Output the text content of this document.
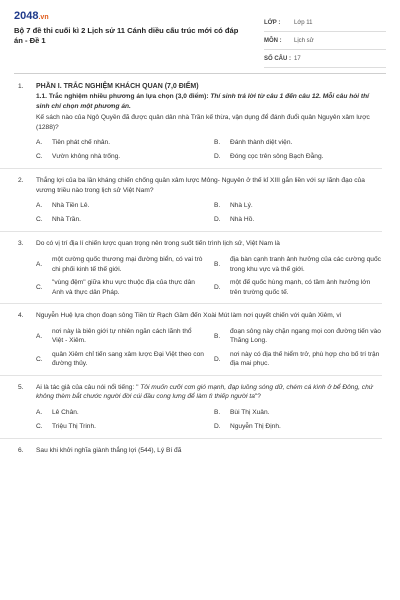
2048.vn
Bộ 7 đề thi cuối kì 2 Lịch sử 11 Cánh diều cấu trúc mới có đáp án - Đề 1
LỚP :	Lớp 11
MÔN :	Lịch sử
SỐ CÂU : 17
1. PHẦN I. TRẮC NGHIỆM KHÁCH QUAN (7,0 ĐIỂM)
1.1. Trắc nghiệm nhiều phương án lựa chọn (3,0 điểm): Thí sinh trả lời từ câu 1 đến câu 12. Mỗi câu hỏi thí sinh chỉ chọn một phương án.
Kế sách nào của Ngô Quyền đã được quân dân nhà Trần kế thừa, vận dụng để đánh đuổi quân Nguyên xâm lược (1288)?
A. Tiên phát chế nhân.	B. Đánh thành diệt viện.
C. Vườn không nhà trống.	D. Đóng cọc trên sông Bạch Đằng.
2. Thắng lợi của ba lần kháng chiến chống quân xâm lược Mông- Nguyên ở thế kỉ XIII gắn liền với sự lãnh đạo của vương triều nào trong lịch sử Việt Nam?
A. Nhà Tiền Lê.	B. Nhà Lý.
C. Nhà Trần.	D. Nhà Hồ.
3. Do có vị trí địa lí chiến lược quan trọng nên trong suốt tiến trình lịch sử, Việt Nam là
A.
một cường quốc thương mại đường biển, có vai trò chi phối kinh tế thế giới.
B.
địa bàn cạnh tranh ảnh hưởng của các cường quốc trong khu vực và thế giới.
C.
"vùng đệm" giữa khu vực thuộc địa của thực dân Anh và thực dân Pháp.
D.
một đế quốc hùng mạnh, có tầm ảnh hưởng lớn trên trường quốc tế.
4. Nguyễn Huệ lựa chọn đoạn sông Tiền từ Rạch Gầm đến Xoài Mút làm nơi quyết chiến với quân Xiêm, vì
A.
nơi này là biên giới tự nhiên ngăn cách lãnh thổ Việt - Xiêm.
B.
đoạn sông này chặn ngang mọi con đường tiến vào Thăng Long.
C.
quân Xiêm chỉ tiến sang xâm lược Đại Việt theo con đường thủy.
D.
nơi này có địa thế hiểm trở, phù hợp cho bố trí trận địa mai phục.
5. Ai là tác giả của câu nói nổi tiếng: " Tôi muốn cưỡi cơn gió mạnh, đạp luồng sóng dữ, chém cá kình ở bể Đông, chứ không thèm bắt chước người đời cúi đầu cong lưng để làm tì thiếp người ta"?
A. Lê Chân.	B. Bùi Thị Xuân.
C. Triệu Thị Trinh.	D. Nguyễn Thị Định.
6. Sau khi khởi nghĩa giành thắng lợi (544), Lý Bí đã
